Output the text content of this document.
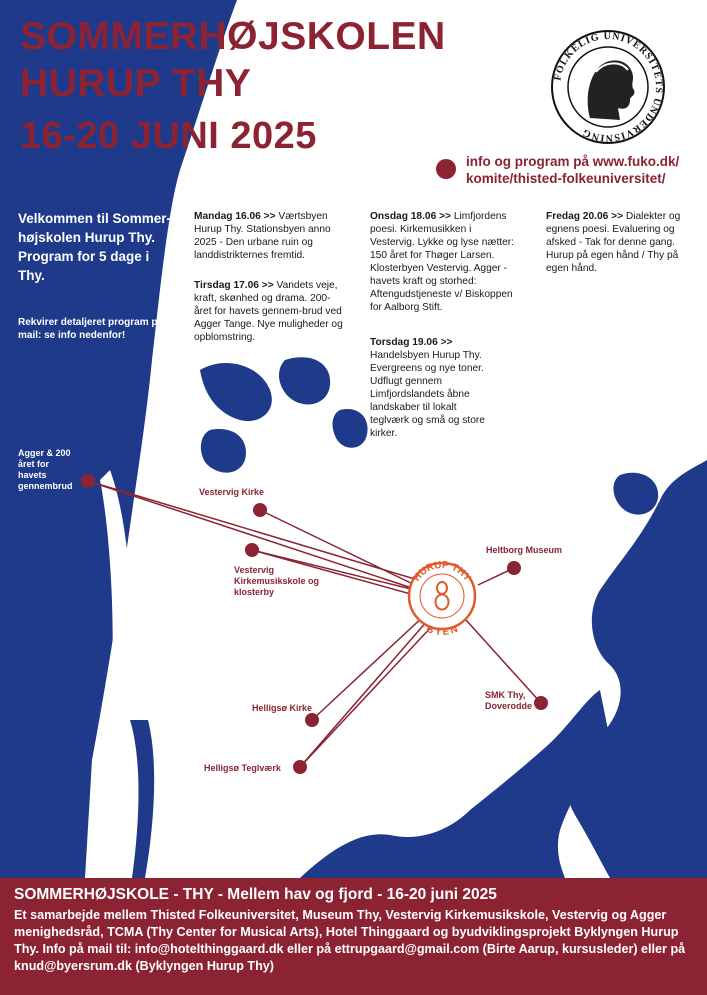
HURUP THY
BYEN
FOLKELIG UNIVERSITETS UNDERVISNING
SOMMERHØJSKOLEN
HURUP THY
16-20 JUNI 2025
info og program på www.fuko.dk/ komite/thisted-folkeuniversitet/
Velkommen til Sommer-højskolen Hurup Thy. Program for 5 dage i Thy.
Rekvirer detaljeret program på mail: se info nedenfor!
Mandag 16.06 >> Værtsbyen Hurup Thy. Stationsbyen anno 2025 - Den urbane ruin og landdistrikternes fremtid.
Tirsdag 17.06 >> Vandets veje, kraft, skønhed og drama. 200-året for havets gennem-brud ved Agger Tange. Nye muligheder og opblomstring.
Onsdag 18.06 >> Limfjordens poesi. Kirkemusikken i Vestervig. Lykke og lyse nætter: 150 året for Thøger Larsen. Klosterbyen Vestervig. Agger - havets kraft og storhed: Aftengudstjeneste v/ Biskoppen for Aalborg Stift.
Torsdag 19.06 >> Handelsbyen Hurup Thy. Evergreens og nye toner. Udflugt gennem Limfjordslandets åbne landskaber til lokalt teglværk og små og store kirker.
Fredag 20.06 >> Dialekter og egnens poesi. Evaluering og afsked - Tak for denne gang. Hurup på egen hånd / Thy på egen hånd.
Agger & 200 året for havets gennembrud
Vestervig Kirke
Vestervig Kirkemusikskole og klosterby
Heltborg Museum
Helligsø Kirke
Helligsø Teglværk
SMK Thy, Doverodde
SOMMERHØJSKOLE - THY - Mellem hav og fjord - 16-20 juni 2025
Et samarbejde mellem Thisted Folkeuniversitet, Museum Thy, Vestervig Kirkemusikskole, Vestervig og Agger menighedsråd, TCMA (Thy Center for Musical Arts), Hotel Thinggaard og byudviklingsprojekt Byklyngen Hurup Thy. Info på mail til: info@hotelthinggaard.dk eller på ettrupgaard@gmail.com (Birte Aarup, kursusleder) eller på knud@byersrum.dk (Byklyngen Hurup Thy)
